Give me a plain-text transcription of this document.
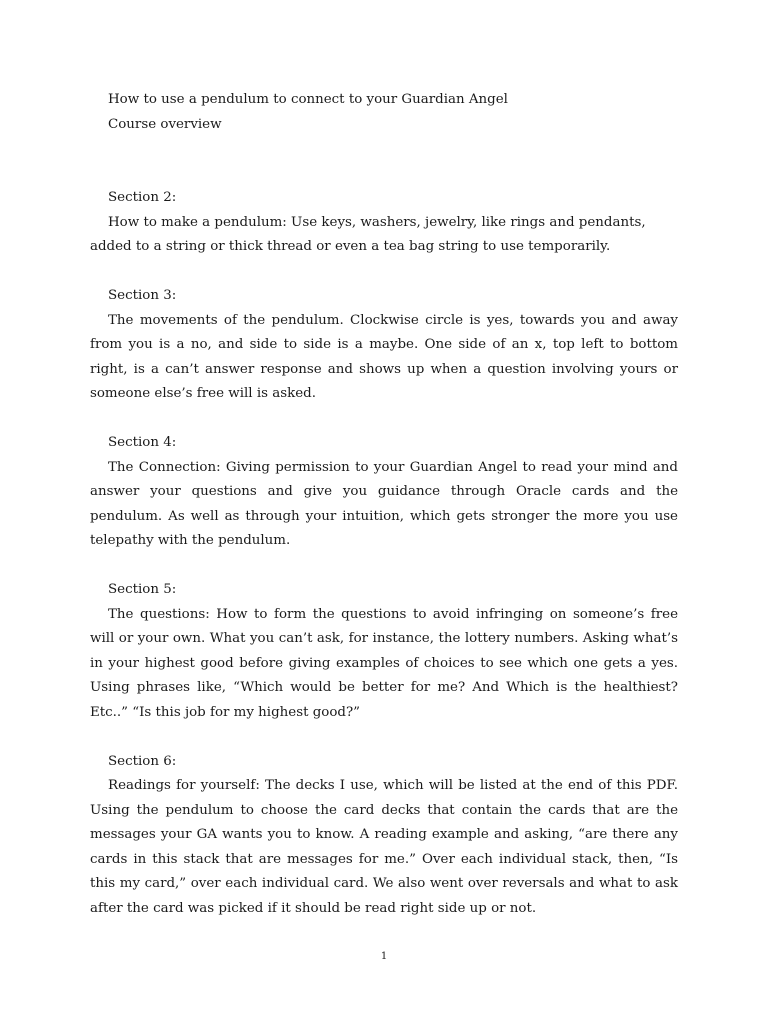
How to use a pendulum to connect to your Guardian Angel
Course overview
Section 2:

How to make a pendulum: Use keys, washers, jewelry, like rings and pendants, added to a string or thick thread or even a tea bag string to use temporarily.

Section 3:

The movements of the pendulum. Clockwise circle is yes, towards you and away from you is a no, and side to side is a maybe. One side of an x, top left to bottom right, is a can’t answer response and shows up when a question involving yours or someone else’s free will is asked.

Section 4:

The Connection: Giving permission to your Guardian Angel to read your mind and answer your questions and give you guidance through Oracle cards and the pendulum. As well as through your intuition, which gets stronger the more you use telepathy with the pendulum.

Section 5:

The questions: How to form the questions to avoid infringing on someone’s free will or your own. What you can’t ask, for instance, the lottery numbers. Asking what’s in your highest good before giving examples of choices to see which one gets a yes. Using phrases like, “Which would be better for me? And Which is the healthiest? Etc..” “Is this job for my highest good?”

Section 6:

Readings for yourself: The decks I use, which will be listed at the end of this PDF. Using the pendulum to choose the card decks that contain the cards that are the messages your GA wants you to know. A reading example and asking, “are there any cards in this stack that are messages for me.” Over each individual stack, then, “Is this my card,” over each individual card. We also went over reversals and what to ask after the card was picked if it should be read right side up or not.

1
